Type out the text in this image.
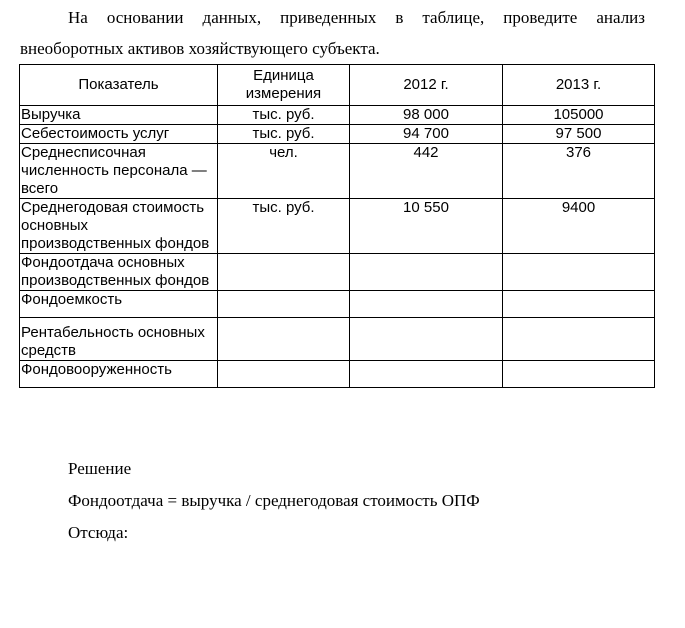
На основании данных, приведенных в таблице, проведите анализ внеоборотных активов хозяйствующего субъекта.

Показатель	Единица измерения	2012 г.	2013 г.
Выручка	тыс. руб.	98 000	105000
Себестоимость услуг	тыс. руб.	94 700	97 500
Среднесписочная численность персонала — всего	чел.	442	376
Среднегодовая стоимость основных производственных фондов	тыс. руб.	10 550	9400
Фондоотдача основных производственных фондов			
Фондоемкость			
Рентабельность основных средств			
Фондовооруженность			

Решение

Фондоотдача = выручка / среднегодовая стоимость ОПФ

Отсюда:
